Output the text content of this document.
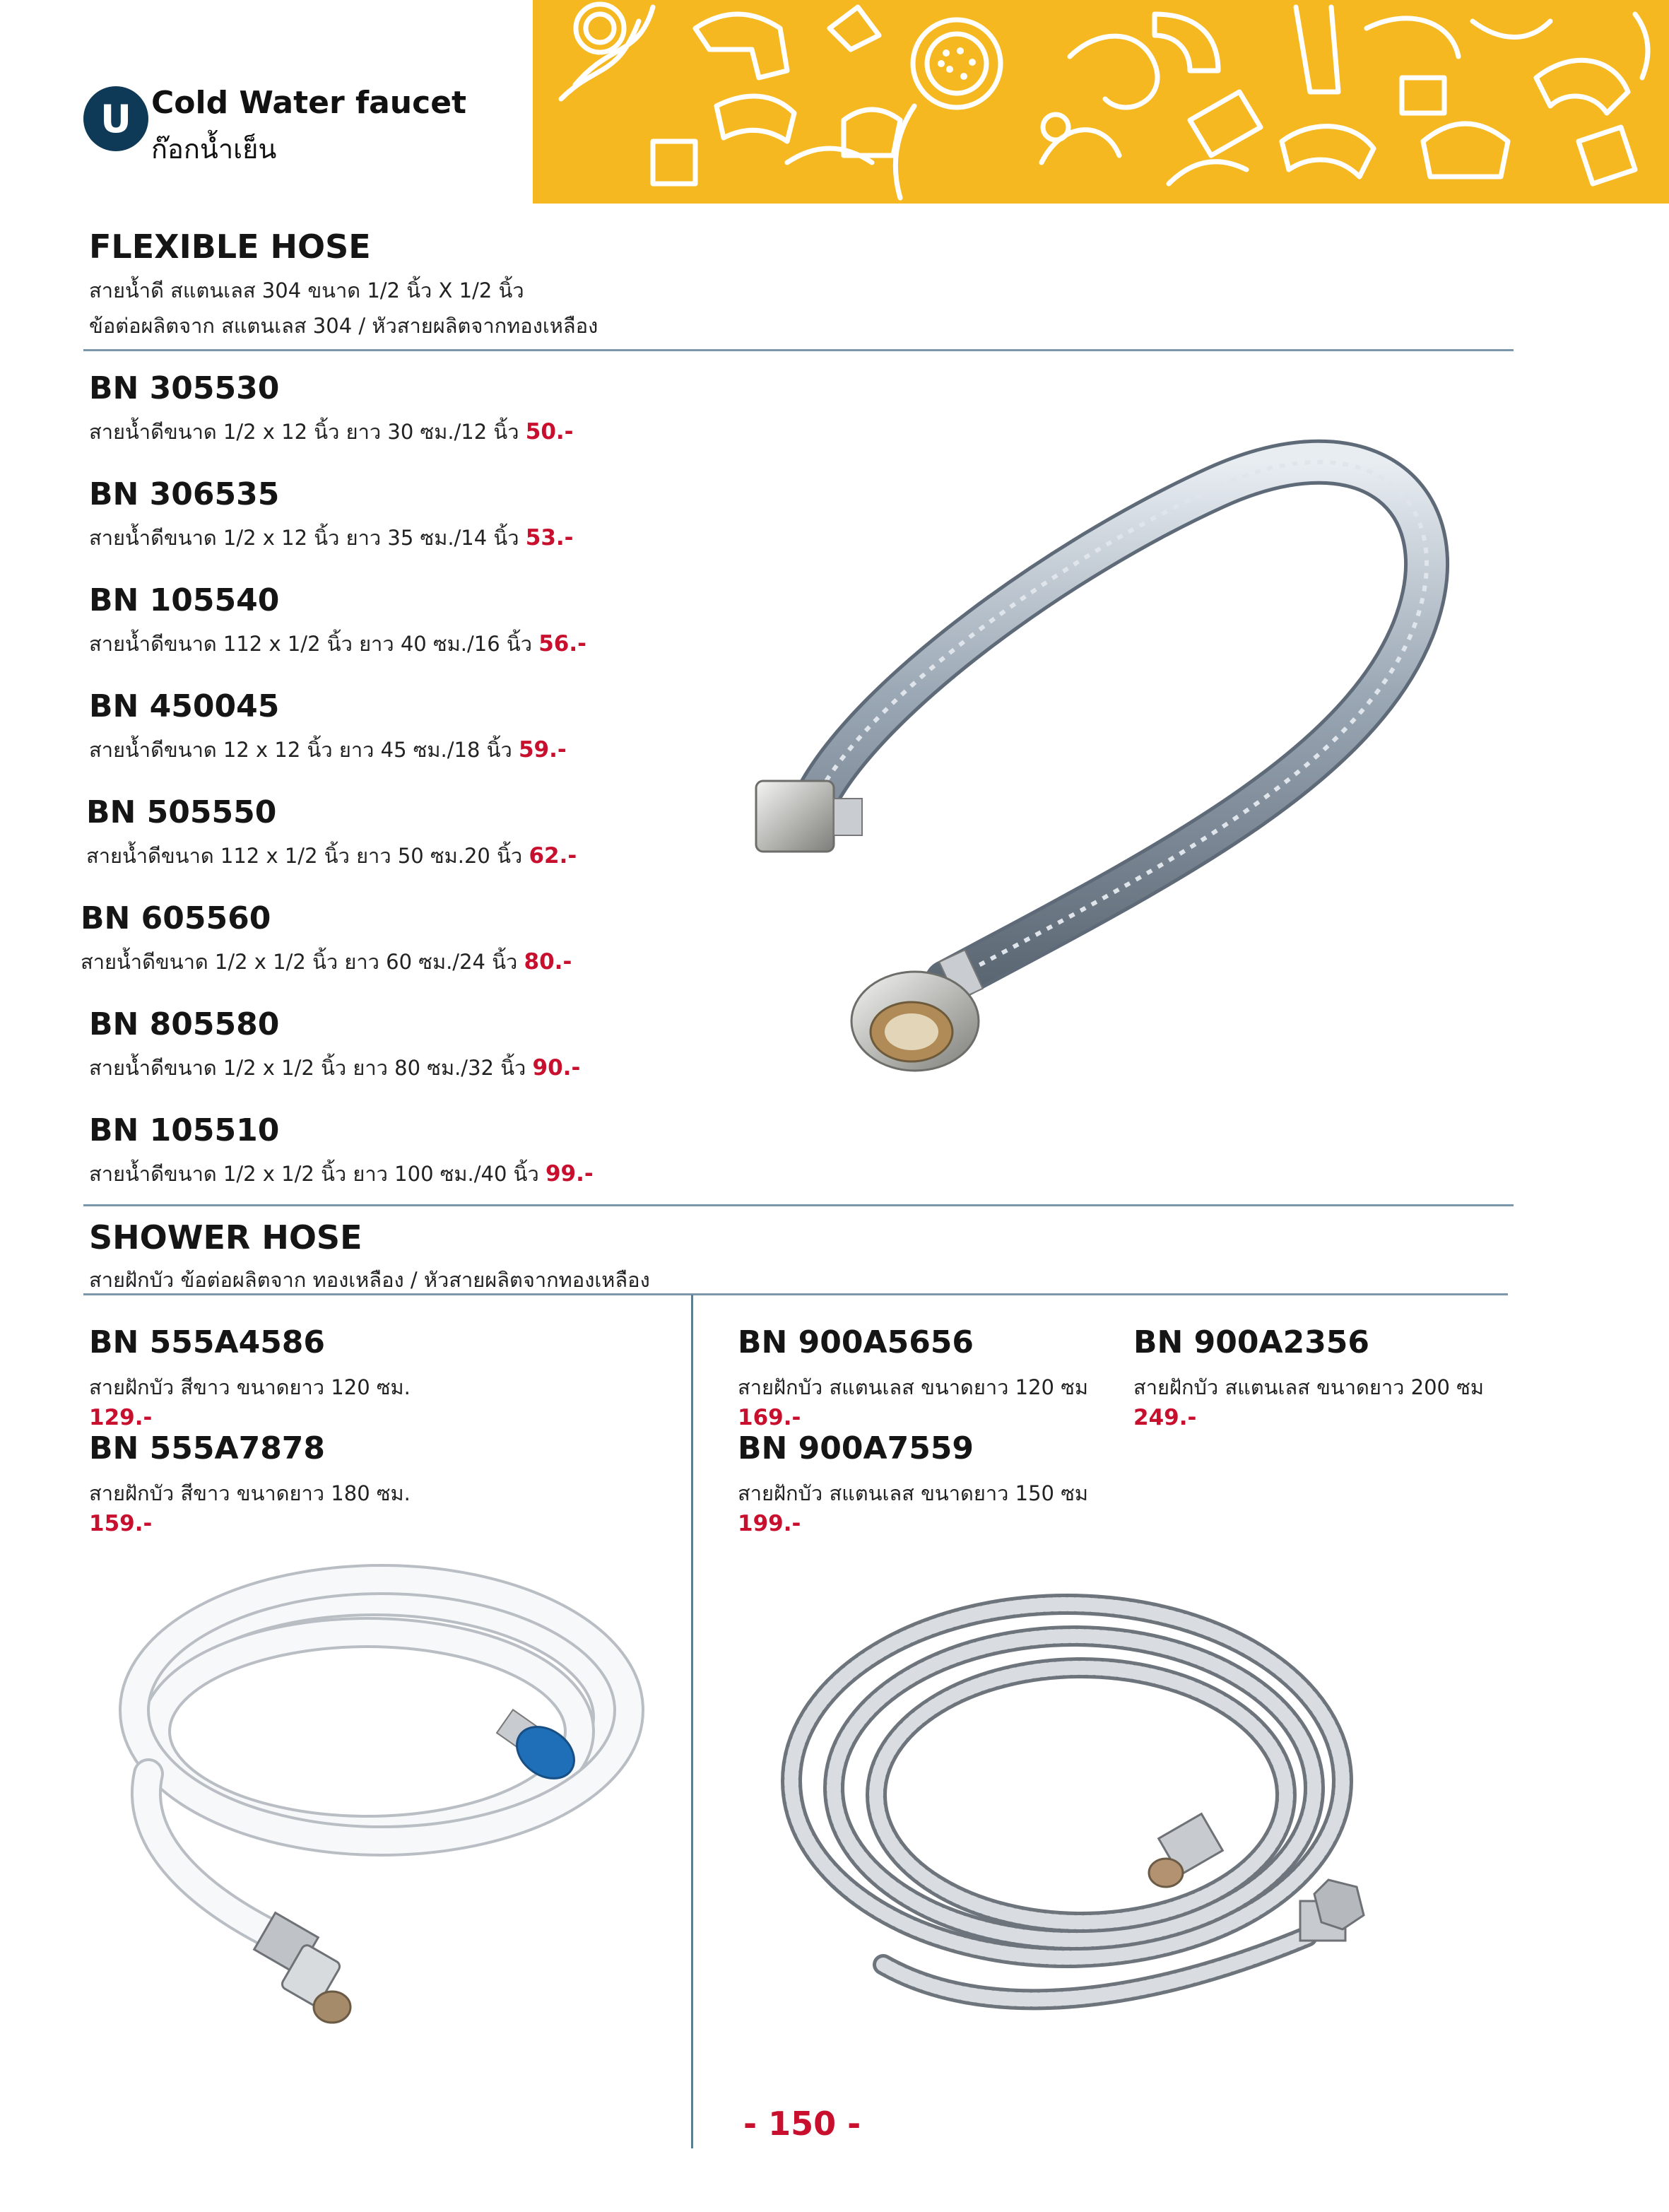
U Cold Water faucet
ก๊อกน้ำเย็น
FLEXIBLE HOSE
สายน้ำดี สแตนเลส 304 ขนาด 1/2 นิ้ว X 1/2 นิ้ว
ข้อต่อผลิตจาก สแตนเลส 304 / หัวสายผลิตจากทองเหลือง
BN 305530
สายน้ำดีขนาด 1/2 x 12 นิ้ว ยาว 30 ซม./12 นิ้ว 50.-
BN 306535
สายน้ำดีขนาด 1/2 x 12 นิ้ว ยาว 35 ซม./14 นิ้ว 53.-
BN 105540
สายน้ำดีขนาด 112 x 1/2 นิ้ว ยาว 40 ซม./16 นิ้ว 56.-
BN 450045
สายน้ำดีขนาด 12 x 12 นิ้ว ยาว 45 ซม./18 นิ้ว 59.-
BN 505550
สายน้ำดีขนาด 112 x 1/2 นิ้ว ยาว 50 ซม.20 นิ้ว 62.-
BN 605560
สายน้ำดีขนาด 1/2 x 1/2 นิ้ว ยาว 60 ซม./24 นิ้ว 80.-
BN 805580
สายน้ำดีขนาด 1/2 x 1/2 นิ้ว ยาว 80 ซม./32 นิ้ว 90.-
BN 105510
สายน้ำดีขนาด 1/2 x 1/2 นิ้ว ยาว 100 ซม./40 นิ้ว 99.-
SHOWER HOSE
สายฝักบัว ข้อต่อผลิตจาก ทองเหลือง / หัวสายผลิตจากทองเหลือง
BN 555A4586
สายฝักบัว สีขาว ขนาดยาว 120 ซม.
129.-
BN 555A7878
สายฝักบัว สีขาว ขนาดยาว 180 ซม.
159.-
BN 900A5656
สายฝักบัว สแตนเลส ขนาดยาว 120 ซม
169.-
BN 900A7559
สายฝักบัว สแตนเลส ขนาดยาว 150 ซม
199.-
BN 900A2356
สายฝักบัว สแตนเลส ขนาดยาว 200 ซม
249.-
- 150 -
